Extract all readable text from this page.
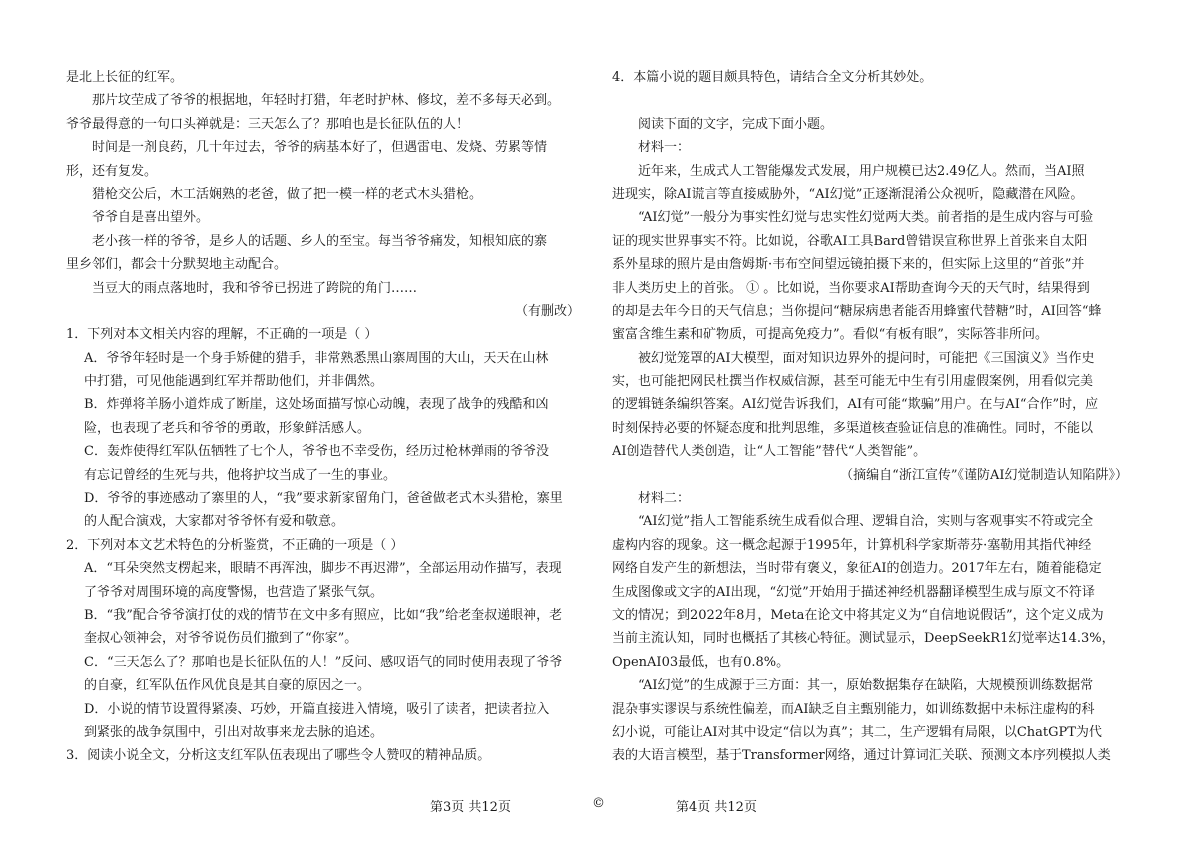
是北上长征的红军。
那片坟茔成了爷爷的根据地，年轻时打猎，年老时护林、修坟，差不多每天必到。
爷爷最得意的一句口头禅就是：三天怎么了？那咱也是长征队伍的人！
时间是一剂良药，几十年过去，爷爷的病基本好了，但遇雷电、发烧、劳累等情
形，还有复发。
猎枪交公后，木工活娴熟的老爸，做了把一模一样的老式木头猎枪。
爷爷自是喜出望外。
老小孩一样的爷爷，是乡人的话题、乡人的至宝。每当爷爷痛发，知根知底的寨
里乡邻们，都会十分默契地主动配合。
当豆大的雨点落地时，我和爷爷已拐进了跨院的角门……
（有删改）
1．下列对本文相关内容的理解，不正确的一项是（ ）
A．爷爷年轻时是一个身手矫健的猎手，非常熟悉黑山寨周围的大山，天天在山林
中打猎，可见他能遇到红军并帮助他们，并非偶然。
B．炸弹将羊肠小道炸成了断崖，这处场面描写惊心动魄，表现了战争的残酷和凶
险，也表现了老兵和爷爷的勇敢，形象鲜活感人。
C．轰炸使得红军队伍牺牲了七个人，爷爷也不幸受伤，经历过枪林弹雨的爷爷没
有忘记曾经的生死与共，他将护坟当成了一生的事业。
D．爷爷的事迹感动了寨里的人，“我”要求新家留角门，爸爸做老式木头猎枪，寨里
的人配合演戏，大家都对爷爷怀有爱和敬意。
2．下列对本文艺术特色的分析鉴赏，不正确的一项是（ ）
A．“耳朵突然支楞起来，眼睛不再浑浊，脚步不再迟滞”，全部运用动作描写，表现
了爷爷对周围环境的高度警惕，也营造了紧张气氛。
B．“我”配合爷爷演打仗的戏的情节在文中多有照应，比如“我”给老奎叔递眼神，老
奎叔心领神会，对爷爷说伤员们撤到了“你家”。
C．“三天怎么了？那咱也是长征队伍的人！”反问、感叹语气的同时使用表现了爷爷
的自豪，红军队伍作风优良是其自豪的原因之一。
D．小说的情节设置得紧凑、巧妙，开篇直接进入情境，吸引了读者，把读者拉入
到紧张的战争氛围中，引出对故事来龙去脉的追述。
3．阅读小说全文，分析这支红军队伍表现出了哪些令人赞叹的精神品质。
4．本篇小说的题目颇具特色，请结合全文分析其妙处。
阅读下面的文字，完成下面小题。
材料一：
近年来，生成式人工智能爆发式发展，用户规模已达2.49亿人。然而，当AI照
进现实，除AI谎言等直接威胁外，“AI幻觉”正逐渐混淆公众视听，隐藏潜在风险。
“AI幻觉”一般分为事实性幻觉与忠实性幻觉两大类。前者指的是生成内容与可验
证的现实世界事实不符。比如说，谷歌AI工具Bard曾错误宣称世界上首张来自太阳
系外星球的照片是由詹姆斯·韦布空间望远镜拍摄下来的，但实际上这里的“首张”并
非人类历史上的首张。 ① 。比如说，当你要求AI帮助查询今天的天气时，结果得到
的却是去年今日的天气信息；当你提问“糖尿病患者能否用蜂蜜代替糖”时，AI回答“蜂
蜜富含维生素和矿物质，可提高免疫力”。看似“有板有眼”，实际答非所问。
被幻觉笼罩的AI大模型，面对知识边界外的提问时，可能把《三国演义》当作史
实，也可能把网民杜撰当作权威信源，甚至可能无中生有引用虚假案例，用看似完美
的逻辑链条编织答案。AI幻觉告诉我们，AI有可能“欺骗”用户。在与AI“合作”时，应
时刻保持必要的怀疑态度和批判思维，多渠道核查验证信息的准确性。同时，不能以
AI创造替代人类创造，让“人工智能”替代“人类智能”。
（摘编自“浙江宣传”《谨防AI幻觉制造认知陷阱》）
材料二：
“AI幻觉”指人工智能系统生成看似合理、逻辑自洽，实则与客观事实不符或完全
虚构内容的现象。这一概念起源于1995年，计算机科学家斯蒂芬·塞勒用其指代神经
网络自发产生的新想法，当时带有褒义，象征AI的创造力。2017年左右，随着能稳定
生成图像或文字的AI出现，“幻觉”开始用于描述神经机器翻译模型生成与原文不符译
文的情况；到2022年8月，Meta在论文中将其定义为“自信地说假话”，这个定义成为
当前主流认知，同时也概括了其核心特征。测试显示，DeepSeekR1幻觉率达14.3%，
OpenAI03最低，也有0.8%。
“AI幻觉”的生成源于三方面：其一，原始数据集存在缺陷，大规模预训练数据常
混杂事实谬误与系统性偏差，而AI缺乏自主甄别能力，如训练数据中未标注虚构的科
幻小说，可能让AI对其中设定“信以为真”；其二，生产逻辑有局限，以ChatGPT为代
表的大语言模型，基于Transformer网络，通过计算词汇关联、预测文本序列模拟人类
第3页 共12页	©	第4页 共12页
